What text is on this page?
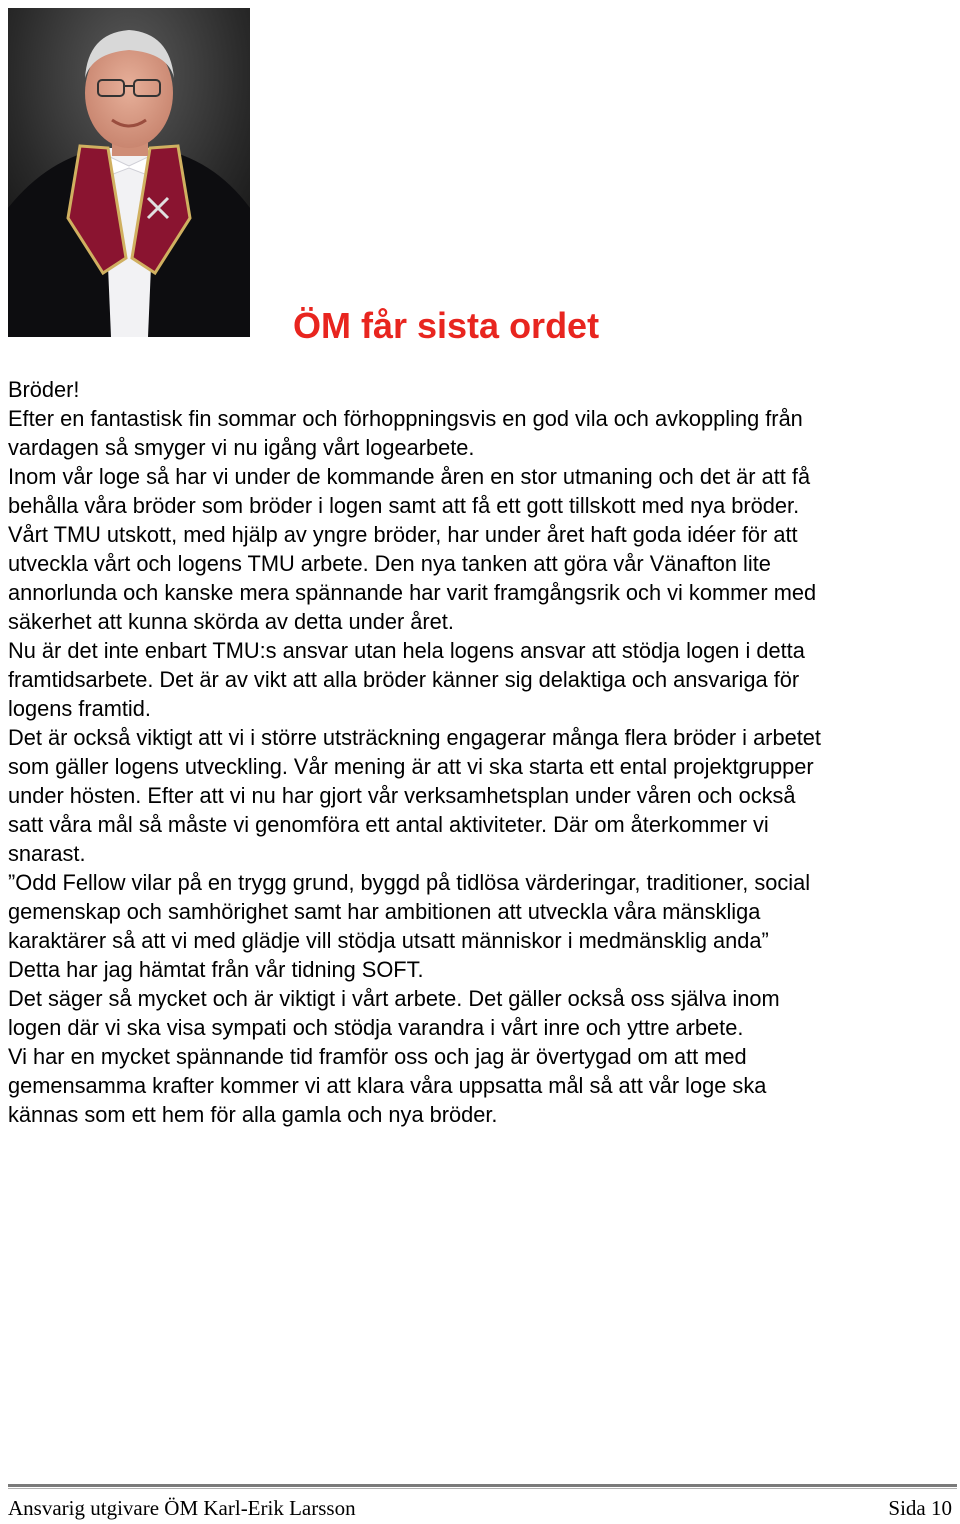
ÖM får sista ordet
Bröder!
Efter en fantastisk fin sommar och förhoppningsvis en god vila och avkoppling från
vardagen så smyger vi nu igång vårt logearbete.
Inom vår loge så har vi under de kommande åren en stor utmaning och det är att få
behålla våra bröder som bröder i logen samt att få ett gott tillskott med nya bröder.
Vårt TMU utskott, med hjälp av yngre bröder, har under året haft goda idéer för att
utveckla vårt och logens TMU arbete. Den nya tanken att göra vår Vänafton lite
annorlunda och kanske mera spännande har varit framgångsrik och vi kommer med
säkerhet att kunna skörda av detta under året.
Nu är det inte enbart TMU:s ansvar utan hela logens ansvar att stödja logen i detta
framtidsarbete. Det är av vikt att alla bröder känner sig delaktiga och ansvariga för
logens framtid.
Det är också viktigt att vi i större utsträckning engagerar många flera bröder i arbetet
som gäller logens utveckling. Vår mening är att vi ska starta ett ental projektgrupper
under hösten. Efter att vi nu har gjort vår verksamhetsplan under våren och också
satt våra mål så måste vi genomföra ett antal aktiviteter. Där om återkommer vi
snarast.
”Odd Fellow vilar på en trygg grund, byggd på tidlösa värderingar, traditioner, social
gemenskap och samhörighet samt har ambitionen att utveckla våra mänskliga
karaktärer så att vi med glädje vill stödja utsatt människor i medmänsklig anda”
Detta har jag hämtat från vår tidning SOFT.
Det säger så mycket och är viktigt i vårt arbete. Det gäller också oss själva inom
logen där vi ska visa sympati och stödja varandra i vårt inre och yttre arbete.
Vi har en mycket spännande tid framför oss och jag är övertygad om att med
gemensamma krafter kommer vi att klara våra uppsatta mål så att vår loge ska
kännas som ett hem för alla gamla och nya bröder.
Ansvarig utgivare ÖM Karl-Erik Larsson	Sida 10
